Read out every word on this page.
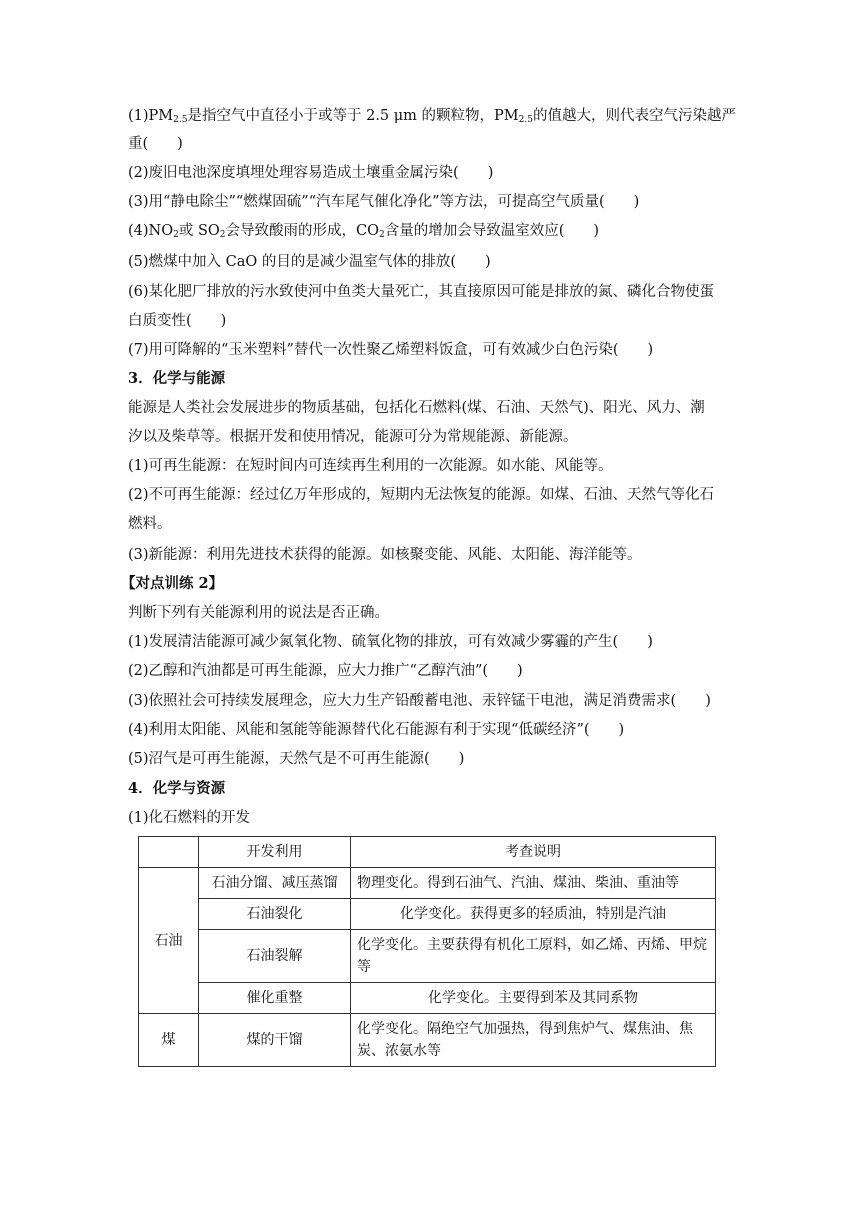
$(1)PM_{2.5}$是指空气中直径小于或等于 2.5 μm 的颗粒物，$PM_{2.5}$的值越大，则代表空气污染越严
重(　　)
(2)废旧电池深度填埋处理容易造成土壤重金属污染(　　)
(3)用“静电除尘”“燃煤固硫”“汽车尾气催化净化”等方法，可提高空气质量(　　)
$(4)NO_2$或 $SO_2$会导致酸雨的形成，$CO_2$含量的增加会导致温室效应(　　)
(5)燃煤中加入 CaO 的目的是减少温室气体的排放(　　)
(6)某化肥厂排放的污水致使河中鱼类大量死亡，其直接原因可能是排放的氮、磷化合物使蛋
白质变性(　　)
(7)用可降解的“玉米塑料”替代一次性聚乙烯塑料饭盒，可有效减少白色污染(　　)
3．化学与能源
能源是人类社会发展进步的物质基础，包括化石燃料(煤、石油、天然气)、阳光、风力、潮
汐以及柴草等。根据开发和使用情况，能源可分为常规能源、新能源。
(1)可再生能源：在短时间内可连续再生利用的一次能源。如水能、风能等。
(2)不可再生能源：经过亿万年形成的，短期内无法恢复的能源。如煤、石油、天然气等化石
燃料。
(3)新能源：利用先进技术获得的能源。如核聚变能、风能、太阳能、海洋能等。
【对点训练 2】
判断下列有关能源利用的说法是否正确。
(1)发展清洁能源可减少氮氧化物、硫氧化物的排放，可有效减少雾霾的产生(　　)
(2)乙醇和汽油都是可再生能源，应大力推广“乙醇汽油”(　　)
(3)依照社会可持续发展理念，应大力生产铅酸蓄电池、汞锌锰干电池，满足消费需求(　　)
(4)利用太阳能、风能和氢能等能源替代化石能源有利于实现“低碳经济”(　　)
(5)沼气是可再生能源，天然气是不可再生能源(　　)
4．化学与资源
(1)化石燃料的开发
	开发利用	考查说明
石油	石油分馏、减压蒸馏	物理变化。得到石油气、汽油、煤油、柴油、重油等
	石油裂化	化学变化。获得更多的轻质油，特别是汽油
	石油裂解	化学变化。主要获得有机化工原料，如乙烯、丙烯、甲烷等
	催化重整	化学变化。主要得到苯及其同系物
煤	煤的干馏	化学变化。隔绝空气加强热，得到焦炉气、煤焦油、焦炭、浓氨水等
